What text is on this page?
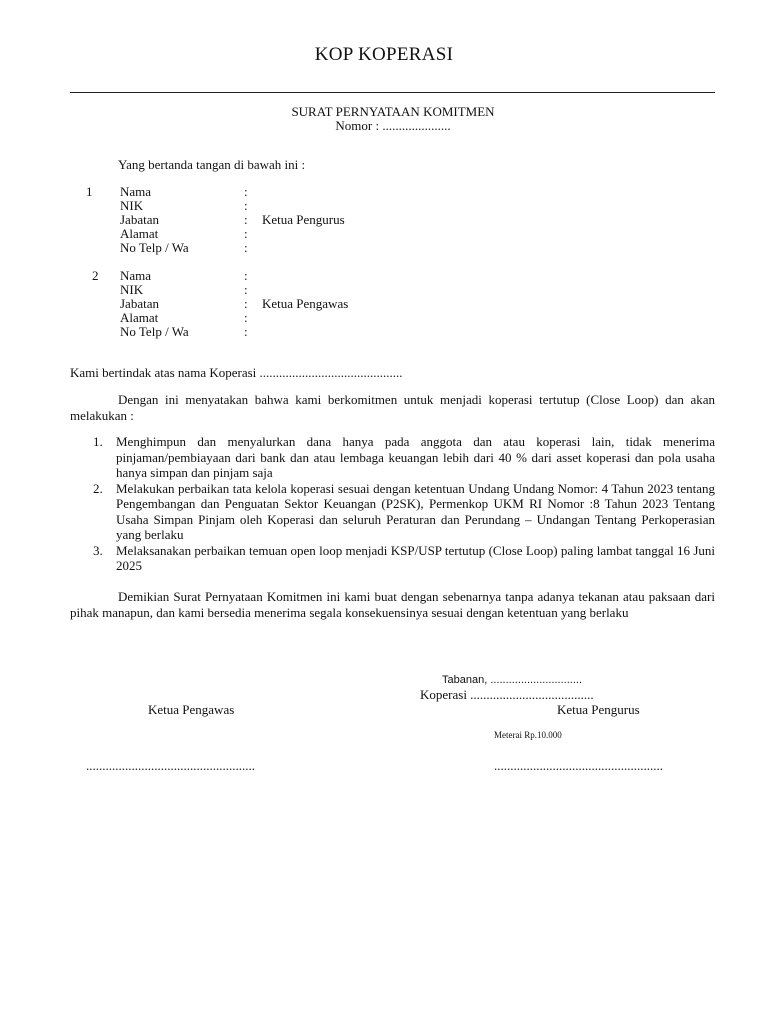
KOP KOPERASI
SURAT PERNYATAAN KOMITMEN
Nomor : .....................
Yang bertanda tangan di bawah ini :
1 Nama	:
NIK	:
Jabatan	: Ketua Pengurus
Alamat	:
No Telp / Wa	:
2 Nama	:
NIK	:
Jabatan	: Ketua Pengawas
Alamat	:
No Telp / Wa	:
Kami bertindak atas nama Koperasi ............................................
Dengan ini menyatakan bahwa kami berkomitmen untuk menjadi koperasi tertutup (Close Loop) dan akan melakukan :
1. Menghimpun dan menyalurkan dana hanya pada anggota dan atau koperasi lain, tidak menerima pinjaman/pembiayaan dari bank dan atau lembaga keuangan lebih dari 40 % dari asset koperasi dan pola usaha hanya simpan dan pinjam saja
2. Melakukan perbaikan tata kelola koperasi sesuai dengan ketentuan Undang Undang Nomor: 4 Tahun 2023 tentang Pengembangan dan Penguatan Sektor Keuangan (P2SK), Permenkop UKM RI Nomor :8 Tahun 2023 Tentang Usaha Simpan Pinjam oleh Koperasi dan seluruh Peraturan dan Perundang – Undangan Tentang Perkoperasian yang berlaku
3. Melaksanakan perbaikan temuan open loop menjadi KSP/USP tertutup (Close Loop) paling lambat tanggal 16 Juni 2025
Demikian Surat Pernyataan Komitmen ini kami buat dengan sebenarnya tanpa adanya tekanan atau paksaan dari pihak manapun, dan kami bersedia menerima segala konsekuensinya sesuai dengan ketentuan yang berlaku
Tabanan, ..............................
Koperasi ......................................
Ketua Pengawas	Ketua Pengurus
Meterai Rp.10.000
....................................................	....................................................
